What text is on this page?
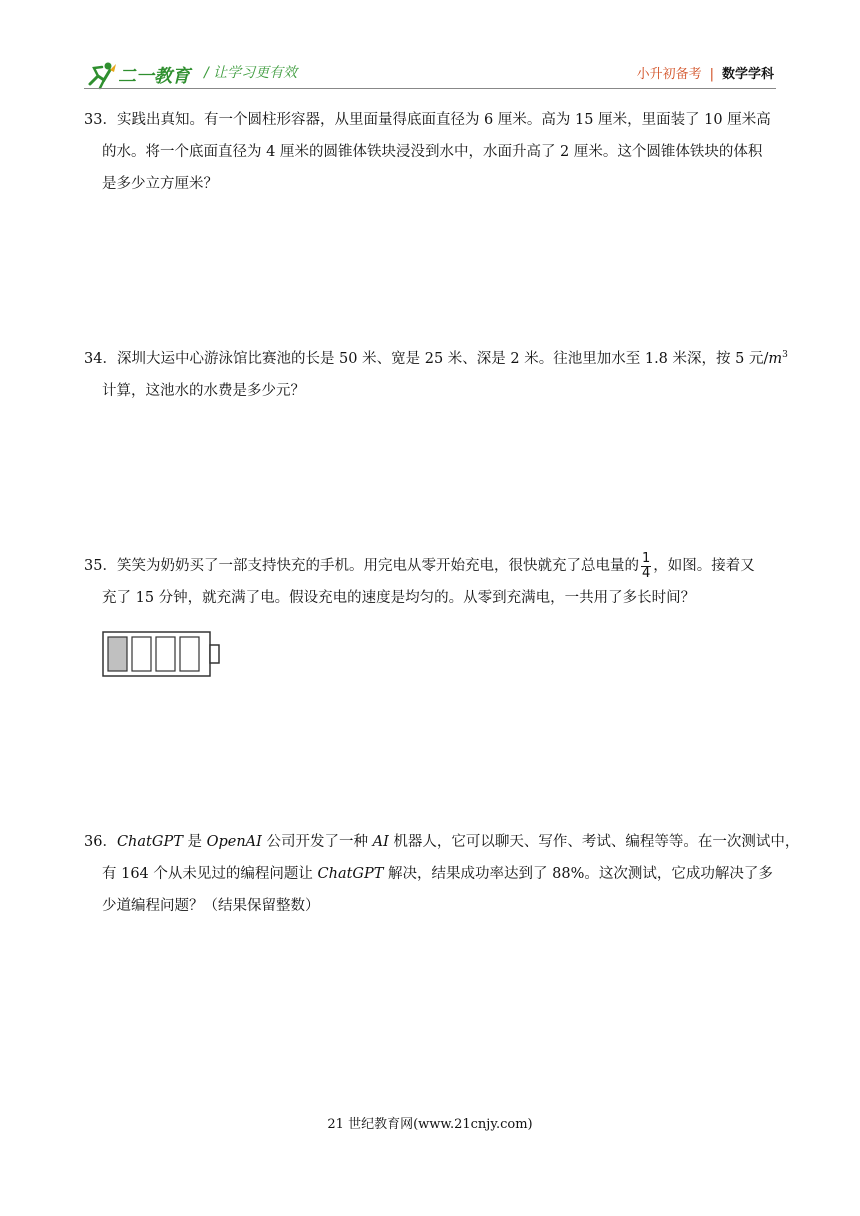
二一教育 / 让学习更有效	小升初备考 | 数学学科
33．实践出真知。有一个圆柱形容器，从里面量得底面直径为 6 厘米。高为 15 厘米，里面装了 10 厘米高
的水。将一个底面直径为 4 厘米的圆锥体铁块浸没到水中，水面升高了 2 厘米。这个圆锥体铁块的体积
是多少立方厘米？
34．深圳大运中心游泳馆比赛池的长是 50 米、宽是 25 米、深是 2 米。往池里加水至 1.8 米深，按 5 元$/m^3$
计算，这池水的水费是多少元？
35．笑笑为奶奶买了一部支持快充的手机。用完电从零开始充电，很快就充了总电量的 $\frac{1}{4}$ ，如图。接着又
充了 15 分钟，就充满了电。假设充电的速度是均匀的。从零到充满电，一共用了多长时间？
36．ChatGPT 是 OpenAI 公司开发了一种 AI 机器人，它可以聊天、写作、考试、编程等等。在一次测试中，
有 164 个从未见过的编程问题让 ChatGPT 解决，结果成功率达到了 88%。这次测试，它成功解决了多
少道编程问题？（结果保留整数）
21 世纪教育网(www.21cnjy.com)
